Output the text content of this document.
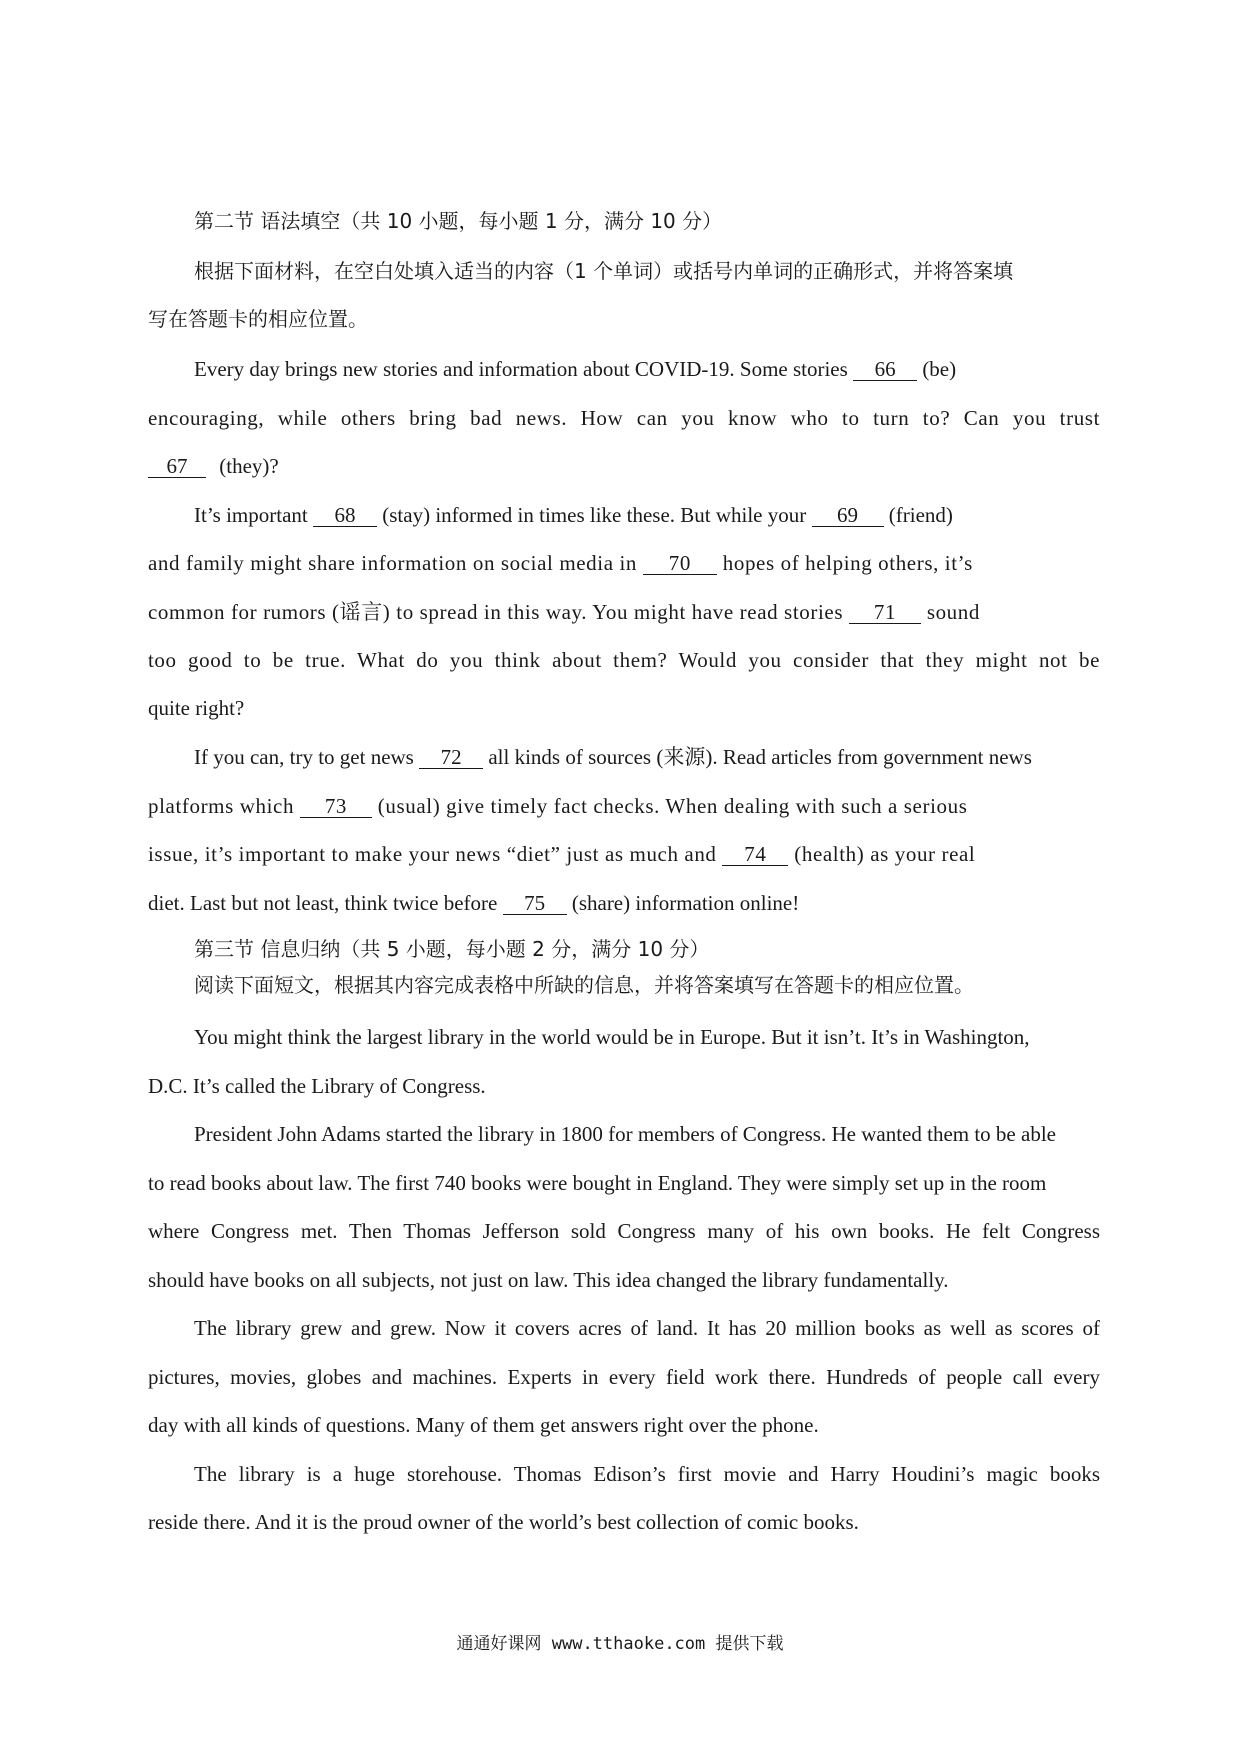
第二节 语法填空（共 10 小题，每小题 1 分，满分 10 分）
根据下面材料，在空白处填入适当的内容（1 个单词）或括号内单词的正确形式，并将答案填
写在答题卡的相应位置。
Every day brings new stories and information about COVID-19. Some stories 66 (be)
encouraging, while others bring bad news. How can you know who to turn to? Can you trust
67 (they)?
It’s important 68 (stay) informed in times like these. But while your 69 (friend)
and family might share information on social media in 70 hopes of helping others, it’s
common for rumors (谣言) to spread in this way. You might have read stories 71 sound
too good to be true. What do you think about them? Would you consider that they might not be
quite right?
If you can, try to get news 72 all kinds of sources (来源). Read articles from government news
platforms which 73 (usual) give timely fact checks. When dealing with such a serious
issue, it’s important to make your news “diet” just as much and 74 (health) as your real
diet. Last but not least, think twice before 75 (share) information online!
第三节 信息归纳（共 5 小题，每小题 2 分，满分 10 分）
阅读下面短文，根据其内容完成表格中所缺的信息，并将答案填写在答题卡的相应位置。
You might think the largest library in the world would be in Europe. But it isn’t. It’s in Washington,
D.C. It’s called the Library of Congress.
President John Adams started the library in 1800 for members of Congress. He wanted them to be able
to read books about law. The first 740 books were bought in England. They were simply set up in the room
where Congress met. Then Thomas Jefferson sold Congress many of his own books. He felt Congress
should have books on all subjects, not just on law. This idea changed the library fundamentally.
The library grew and grew. Now it covers acres of land. It has 20 million books as well as scores of
pictures, movies, globes and machines. Experts in every field work there. Hundreds of people call every
day with all kinds of questions. Many of them get answers right over the phone.
The library is a huge storehouse. Thomas Edison’s first movie and Harry Houdini’s magic books
reside there. And it is the proud owner of the world’s best collection of comic books.
通通好课网 www.tthaoke.com 提供下载
